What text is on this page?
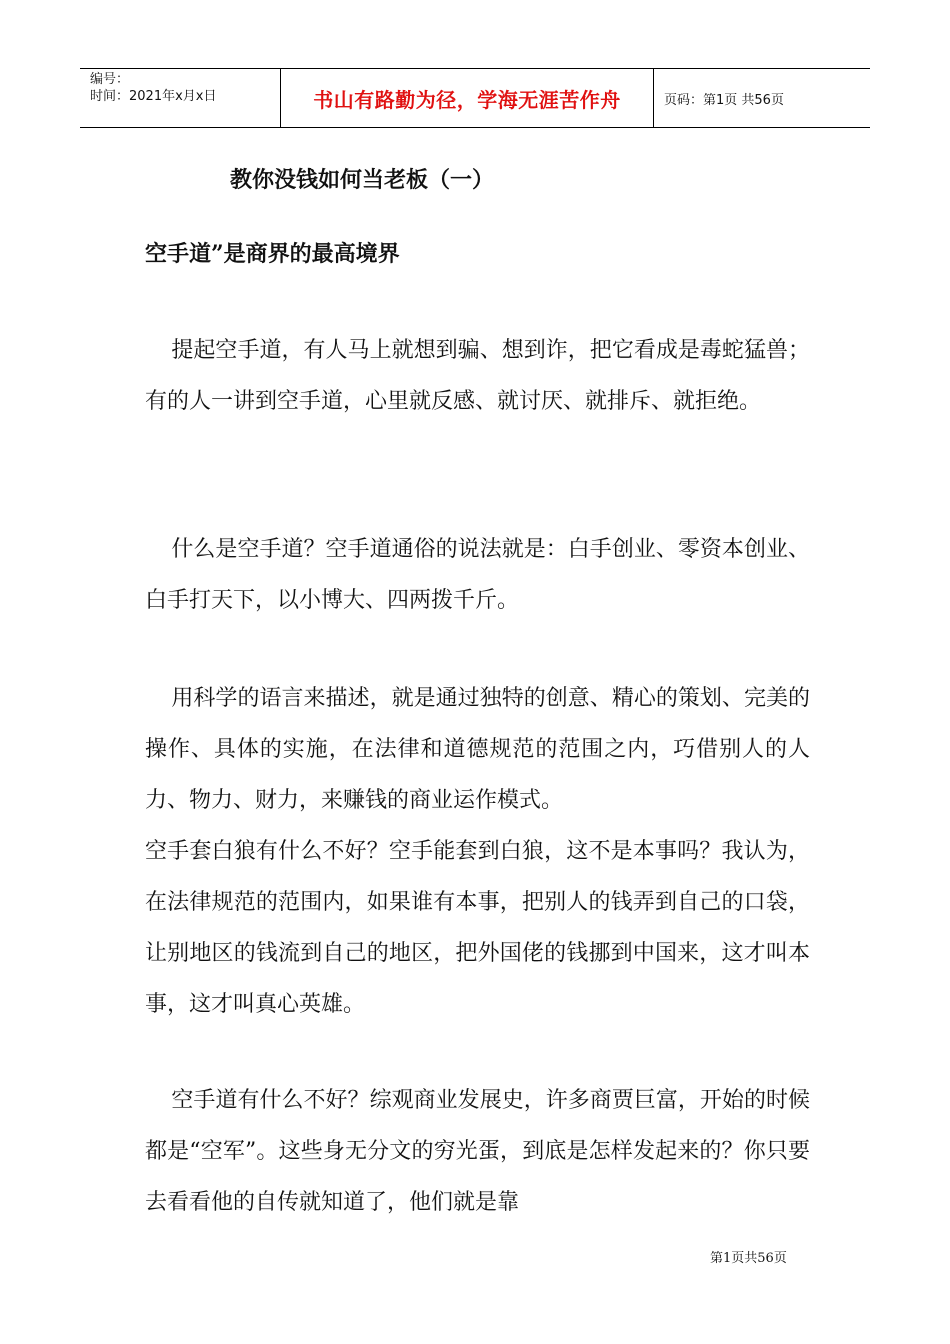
编号：
时间：2021年x月x日	书山有路勤为径，学海无涯苦作舟	页码：第1页 共56页
教你没钱如何当老板（一）
空手道”是商界的最高境界

提起空手道，有人马上就想到骗、想到诈，把它看成是毒蛇猛兽；有的人一讲到空手道，心里就反感、就讨厌、就排斥、就拒绝。

什么是空手道？空手道通俗的说法就是：白手创业、零资本创业、白手打天下，以小博大、四两拨千斤。

用科学的语言来描述，就是通过独特的创意、精心的策划、完美的操作、具体的实施，在法律和道德规范的范围之内，巧借别人的人力、物力、财力，来赚钱的商业运作模式。

空手套白狼有什么不好？空手能套到白狼，这不是本事吗？我认为，在法律规范的范围内，如果谁有本事，把别人的钱弄到自己的口袋，让别地区的钱流到自己的地区，把外国佬的钱挪到中国来，这才叫本事，这才叫真心英雄。

空手道有什么不好？综观商业发展史，许多商贾巨富，开始的时候都是“空军”。这些身无分文的穷光蛋，到底是怎样发起来的？你只要去看看他的自传就知道了，他们就是靠

第1页共56页
